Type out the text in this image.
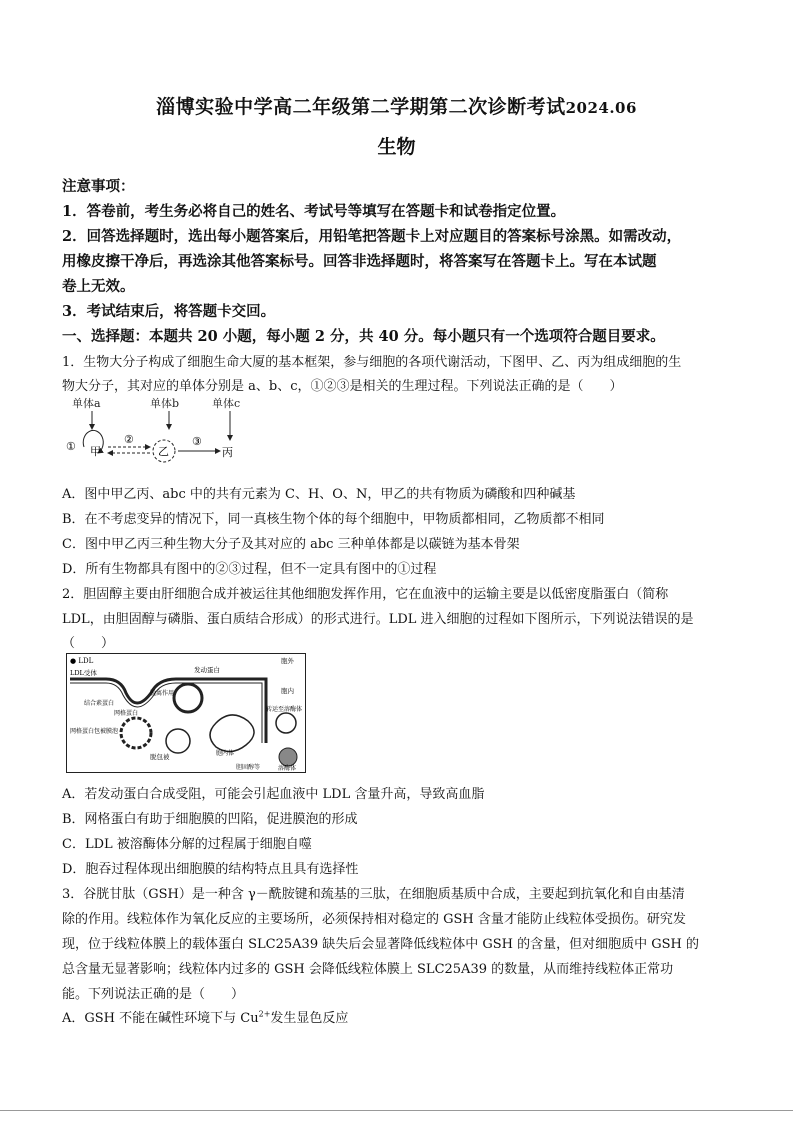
淄博实验中学高二年级第二学期第二次诊断考试2024.06
生物
注意事项：
1．答卷前，考生务必将自己的姓名、考试号等填写在答题卡和试卷指定位置。
2．回答选择题时，选出每小题答案后，用铅笔把答题卡上对应题目的答案标号涂黑。如需改动，
用橡皮擦干净后，再选涂其他答案标号。回答非选择题时，将答案写在答题卡上。写在本试题
卷上无效。
3．考试结束后，将答题卡交回。
一、选择题：本题共 20 小题，每小题 2 分，共 40 分。每小题只有一个选项符合题目要求。
1．生物大分子构成了细胞生命大厦的基本框架，参与细胞的各项代谢活动，下图甲、乙、丙为组成细胞的生
物大分子，其对应的单体分别是 a、b、c，①②③是相关的生理过程。下列说法正确的是（　　）
单体a	单体b	单体c
① 甲
②
乙
③
丙
A．图中甲乙丙、abc 中的共有元素为 C、H、O、N，甲乙的共有物质为磷酸和四种碱基
B．在不考虑变异的情况下，同一真核生物个体的每个细胞中，甲物质都相同，乙物质都不相同
C．图中甲乙丙三种生物大分子及其对应的 abc 三种单体都是以碳链为基本骨架
D．所有生物都具有图中的②③过程，但不一定具有图中的①过程
2．胆固醇主要由肝细胞合成并被运往其他细胞发挥作用，它在血液中的运输主要是以低密度脂蛋白（简称
LDL，由胆固醇与磷脂、蛋白质结合形成）的形式进行。LDL 进入细胞的过程如下图所示，下列说法错误的是
（　　）
● LDL
LDL受体	发动蛋白
胞外
胞内
结合素蛋白
网格蛋白
脱离作用
网格蛋白包被膜泡
脱包被
转运至溶酶体
胞内体
胆固醇等	溶酶体
A．若发动蛋白合成受阻，可能会引起血液中 LDL 含量升高，导致高血脂
B．网格蛋白有助于细胞膜的凹陷，促进膜泡的形成
C．LDL 被溶酶体分解的过程属于细胞自噬
D．胞吞过程体现出细胞膜的结构特点且具有选择性
3．谷胱甘肽（GSH）是一种含 γ－酰胺键和巯基的三肽，在细胞质基质中合成，主要起到抗氧化和自由基清
除的作用。线粒体作为氧化反应的主要场所，必须保持相对稳定的 GSH 含量才能防止线粒体受损伤。研究发
现，位于线粒体膜上的载体蛋白 SLC25A39 缺失后会显著降低线粒体中 GSH 的含量，但对细胞质中 GSH 的
总含量无显著影响；线粒体内过多的 GSH 会降低线粒体膜上 SLC25A39 的数量，从而维持线粒体正常功
能。下列说法正确的是（　　）
A．GSH 不能在碱性环境下与 $Cu^{2+}$发生显色反应
